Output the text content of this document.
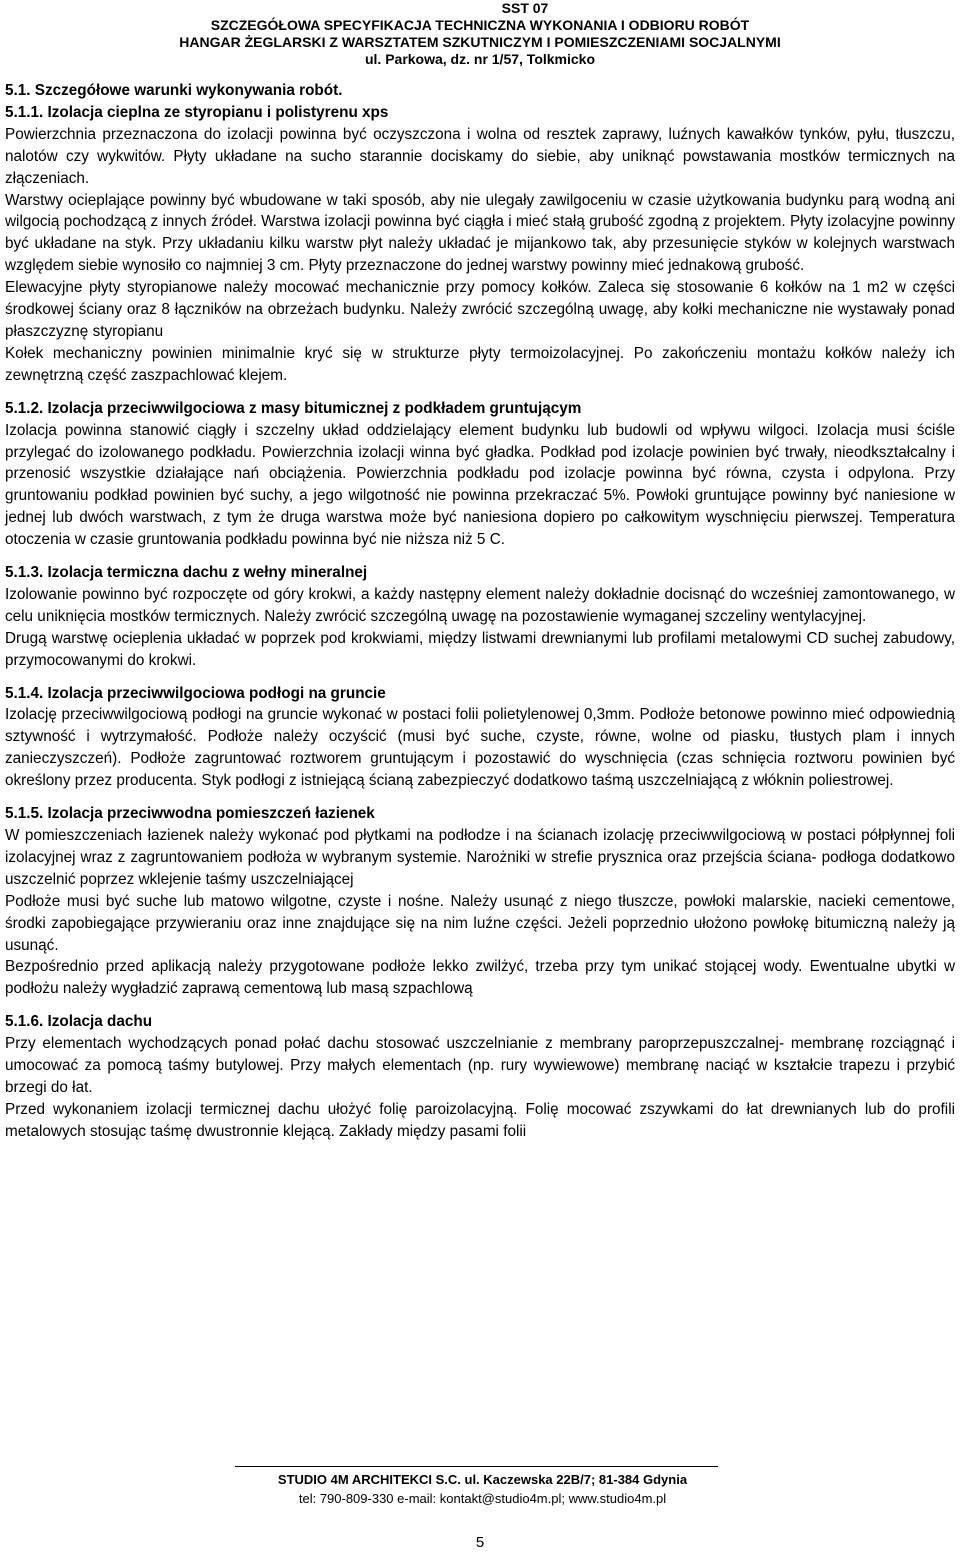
SST 07
SZCZEGÓŁOWA SPECYFIKACJA TECHNICZNA WYKONANIA I ODBIORU ROBÓT
HANGAR ŻEGLARSKI Z WARSZTATEM SZKUTNICZYM I POMIESZCZENIAMI SOCJALNYMI
ul. Parkowa, dz. nr 1/57, Tolkmicko
5.1. Szczegółowe warunki wykonywania robót.
5.1.1. Izolacja cieplna ze styropianu i polistyrenu xps

Powierzchnia przeznaczona do izolacji powinna być oczyszczona i wolna od resztek zaprawy, luźnych kawałków tynków, pyłu, tłuszczu, nalotów czy wykwitów. Płyty układane na sucho starannie dociskamy do siebie, aby uniknąć powstawania mostków termicznych na złączeniach.

Warstwy ocieplające powinny być wbudowane w taki sposób, aby nie ulegały zawilgoceniu w czasie użytkowania budynku parą wodną ani wilgocią pochodzącą z innych źródeł. Warstwa izolacji powinna być ciągła i mieć stałą grubość zgodną z projektem. Płyty izolacyjne powinny być układane na styk. Przy układaniu kilku warstw płyt należy układać je mijankowo tak, aby przesunięcie styków w kolejnych warstwach względem siebie wynosiło co najmniej 3 cm. Płyty przeznaczone do jednej warstwy powinny mieć jednakową grubość.

Elewacyjne płyty styropianowe należy mocować mechanicznie przy pomocy kołków. Zaleca się stosowanie 6 kołków na 1 m2 w części środkowej ściany oraz 8 łączników na obrzeżach budynku. Należy zwrócić szczególną uwagę, aby kołki mechaniczne nie wystawały ponad płaszczyznę styropianu

Kołek mechaniczny powinien minimalnie kryć się w strukturze płyty termoizolacyjnej. Po zakończeniu montażu kołków należy ich zewnętrzną część zaszpachlować klejem.

5.1.2. Izolacja przeciwwilgociowa z masy bitumicznej z podkładem gruntującym

Izolacja powinna stanowić ciągły i szczelny układ oddzielający element budynku lub budowli od wpływu wilgoci. Izolacja musi ściśle przylegać do izolowanego podkładu. Powierzchnia izolacji winna być gładka. Podkład pod izolacje powinien być trwały, nieodkształcalny i przenosić wszystkie działające nań obciążenia. Powierzchnia podkładu pod izolacje powinna być równa, czysta i odpylona. Przy gruntowaniu podkład powinien być suchy, a jego wilgotność nie powinna przekraczać 5%. Powłoki gruntujące powinny być naniesione w jednej lub dwóch warstwach, z tym że druga warstwa może być naniesiona dopiero po całkowitym wyschnięciu pierwszej. Temperatura otoczenia w czasie gruntowania podkładu powinna być nie niższa niż 5 C.

5.1.3. Izolacja termiczna dachu z wełny mineralnej

Izolowanie powinno być rozpoczęte od góry krokwi, a każdy następny element należy dokładnie docisnąć do wcześniej zamontowanego, w celu uniknięcia mostków termicznych. Należy zwrócić szczególną uwagę na pozostawienie wymaganej szczeliny wentylacyjnej.

Drugą warstwę ocieplenia układać w poprzek pod krokwiami, między listwami drewnianymi lub profilami metalowymi CD suchej zabudowy, przymocowanymi do krokwi.

5.1.4. Izolacja przeciwwilgociowa podłogi na gruncie

Izolację przeciwwilgociową podłogi na gruncie wykonać w postaci folii polietylenowej 0,3mm. Podłoże betonowe powinno mieć odpowiednią sztywność i wytrzymałość. Podłoże należy oczyścić (musi być suche, czyste, równe, wolne od piasku, tłustych plam i innych zanieczyszczeń). Podłoże zagruntować roztworem gruntującym i pozostawić do wyschnięcia (czas schnięcia roztworu powinien być określony przez producenta. Styk podłogi z istniejącą ścianą zabezpieczyć dodatkowo taśmą uszczelniającą z włóknin poliestrowej.

5.1.5. Izolacja przeciwwodna pomieszczeń łazienek

W pomieszczeniach łazienek należy wykonać pod płytkami na podłodze i na ścianach izolację przeciwwilgociową w postaci półpłynnej foli izolacyjnej wraz z zagruntowaniem podłoża w wybranym systemie. Narożniki w strefie prysznica oraz przejścia ściana- podłoga dodatkowo uszczelnić poprzez wklejenie taśmy uszczelniającej

Podłoże musi być suche lub matowo wilgotne, czyste i nośne. Należy usunąć z niego tłuszcze, powłoki malarskie, nacieki cementowe, środki zapobiegające przywieraniu oraz inne znajdujące się na nim luźne części. Jeżeli poprzednio ułożono powłokę bitumiczną należy ją usunąć.

Bezpośrednio przed aplikacją należy przygotowane podłoże lekko zwilżyć, trzeba przy tym unikać stojącej wody. Ewentualne ubytki w podłożu należy wygładzić zaprawą cementową lub masą szpachlową

5.1.6. Izolacja dachu

Przy elementach wychodzących ponad połać dachu stosować uszczelnianie z membrany paroprzepuszczalnej- membranę rozciągnąć i umocować za pomocą taśmy butylowej. Przy małych elementach (np. rury wywiewowe) membranę naciąć w kształcie trapezu i przybić brzegi do łat.

Przed wykonaniem izolacji termicznej dachu ułożyć folię paroizolacyjną. Folię mocować zszywkami do łat drewnianych lub do profili metalowych stosując taśmę dwustronnie klejącą. Zakłady między pasami folii

STUDIO 4M ARCHITEKCI S.C. ul. Kaczewska 22B/7; 81-384 Gdynia
tel: 790-809-330 e-mail: kontakt@studio4m.pl; www.studio4m.pl
5
